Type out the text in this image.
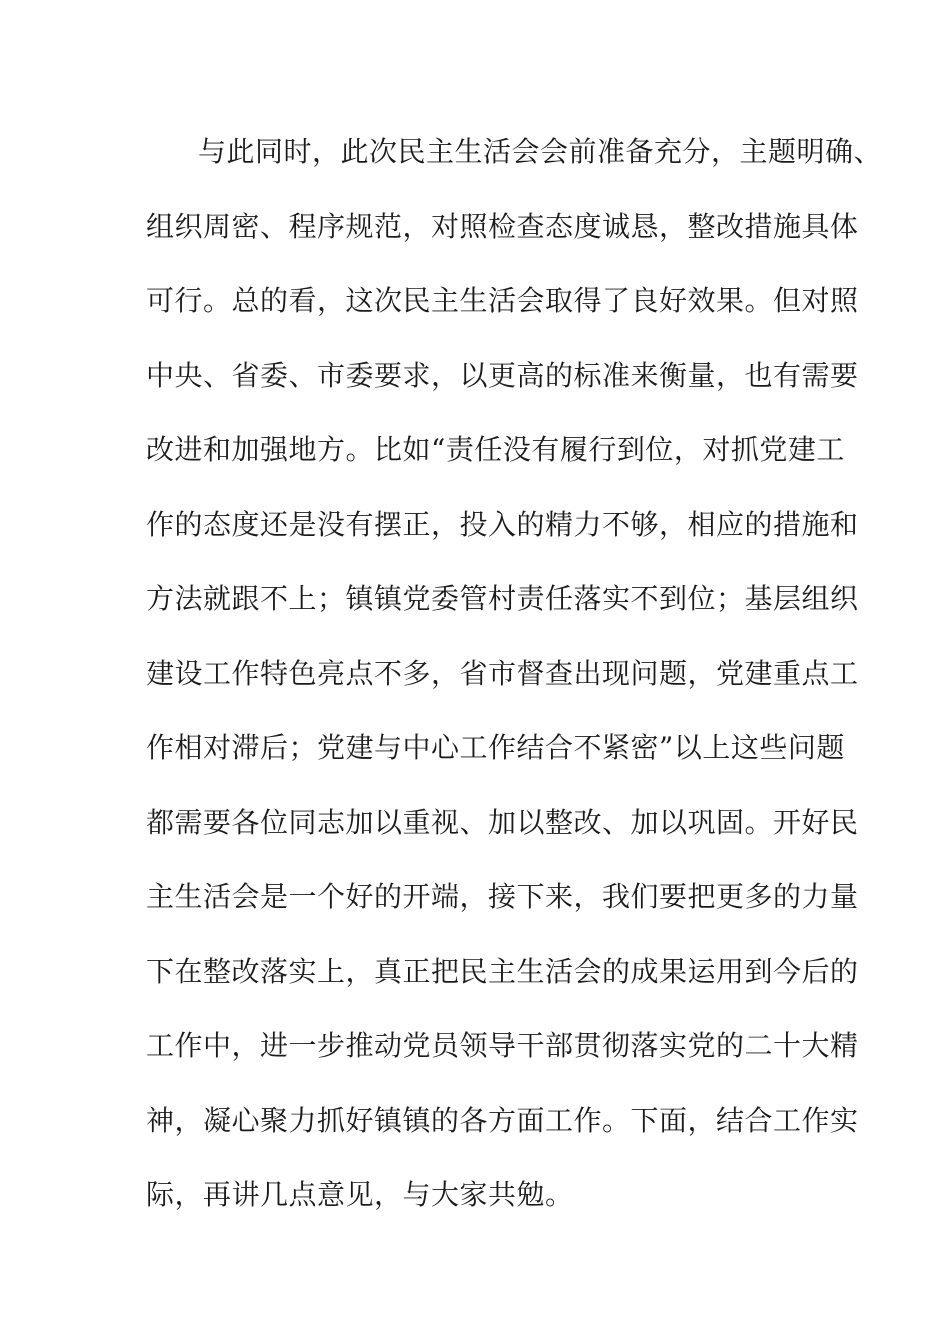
与此同时，此次民主生活会会前准备充分，主题明确、
组织周密、程序规范，对照检查态度诚恳，整改措施具体
可行。总的看，这次民主生活会取得了良好效果。但对照
中央、省委、市委要求，以更高的标准来衡量，也有需要
改进和加强地方。比如“责任没有履行到位，对抓党建工
作的态度还是没有摆正，投入的精力不够，相应的措施和
方法就跟不上；镇镇党委管村责任落实不到位；基层组织
建设工作特色亮点不多，省市督查出现问题，党建重点工
作相对滞后；党建与中心工作结合不紧密”以上这些问题
都需要各位同志加以重视、加以整改、加以巩固。开好民
主生活会是一个好的开端，接下来，我们要把更多的力量
下在整改落实上，真正把民主生活会的成果运用到今后的
工作中，进一步推动党员领导干部贯彻落实党的二十大精
神，凝心聚力抓好镇镇的各方面工作。下面，结合工作实
际，再讲几点意见，与大家共勉。
